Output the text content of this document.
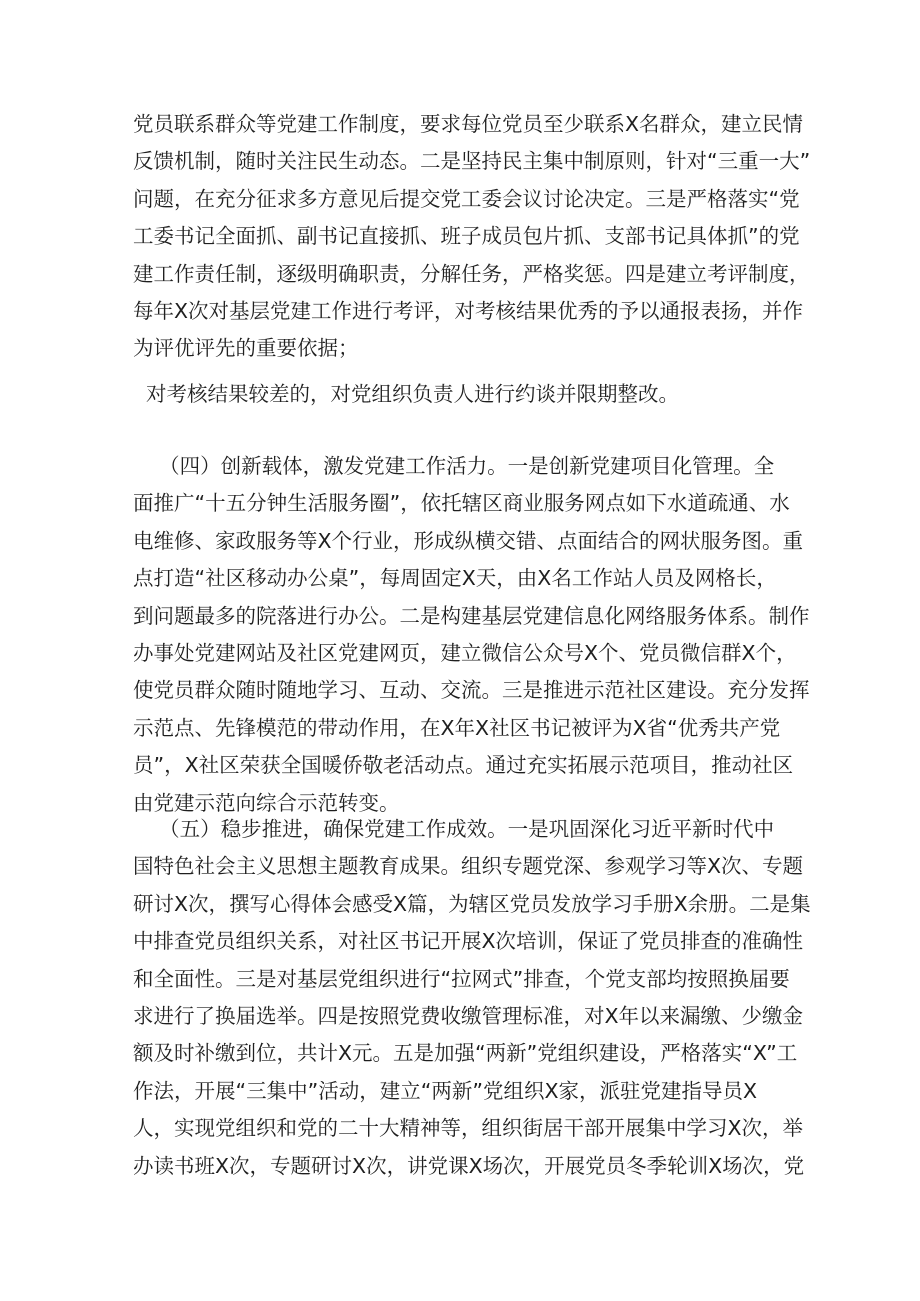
党员联系群众等党建工作制度，要求每位党员至少联系X名群众，建立民情
反馈机制，随时关注民生动态。二是坚持民主集中制原则，针对“三重一大”
问题，在充分征求多方意见后提交党工委会议讨论决定。三是严格落实“党
工委书记全面抓、副书记直接抓、班子成员包片抓、支部书记具体抓”的党
建工作责任制，逐级明确职责，分解任务，严格奖惩。四是建立考评制度，
每年X次对基层党建工作进行考评，对考核结果优秀的予以通报表扬，并作
为评优评先的重要依据；
对考核结果较差的，对党组织负责人进行约谈并限期整改。
（四）创新载体，激发党建工作活力。一是创新党建项目化管理。全
面推广“十五分钟生活服务圈”，依托辖区商业服务网点如下水道疏通、水
电维修、家政服务等X个行业，形成纵横交错、点面结合的网状服务图。重
点打造“社区移动办公桌”，每周固定X天，由X名工作站人员及网格长，
到问题最多的院落进行办公。二是构建基层党建信息化网络服务体系。制作
办事处党建网站及社区党建网页，建立微信公众号X个、党员微信群X个，
使党员群众随时随地学习、互动、交流。三是推进示范社区建设。充分发挥
示范点、先锋模范的带动作用，在X年X社区书记被评为X省“优秀共产党
员”，X社区荣获全国暖侨敬老活动点。通过充实拓展示范项目，推动社区
由党建示范向综合示范转变。
（五）稳步推进，确保党建工作成效。一是巩固深化习近平新时代中
国特色社会主义思想主题教育成果。组织专题党深、参观学习等X次、专题
研讨X次，撰写心得体会感受X篇，为辖区党员发放学习手册X余册。二是集
中排查党员组织关系，对社区书记开展X次培训，保证了党员排查的准确性
和全面性。三是对基层党组织进行“拉网式”排查，个党支部均按照换届要
求进行了换届选举。四是按照党费收缴管理标准，对X年以来漏缴、少缴金
额及时补缴到位，共计X元。五是加强“两新”党组织建设，严格落实“X”工
作法，开展“三集中”活动，建立“两新”党组织X家，派驻党建指导员X
人，实现党组织和党的二十大精神等，组织街居干部开展集中学习X次，举
办读书班X次，专题研讨X次，讲党课X场次，开展党员冬季轮训X场次，党
